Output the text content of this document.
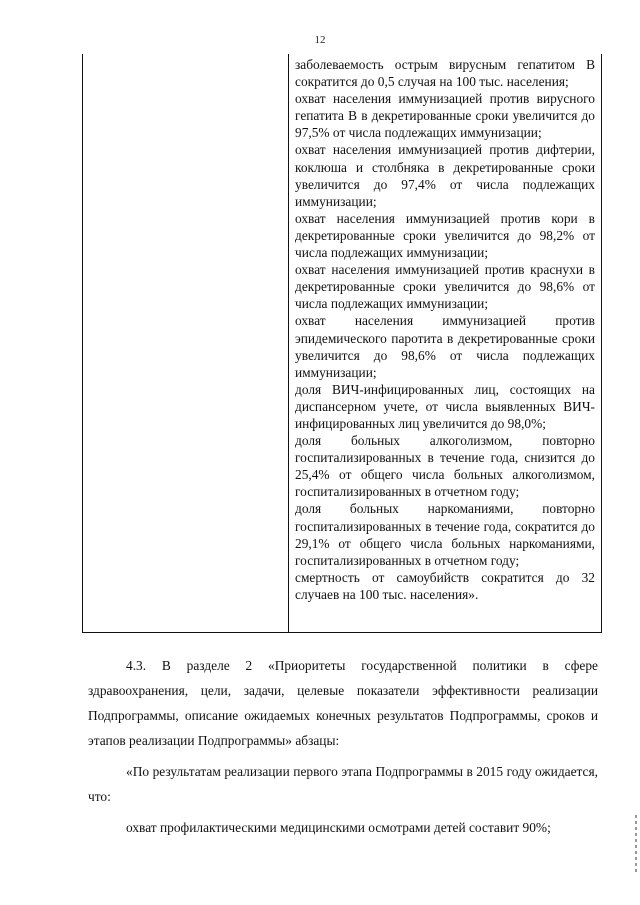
12

заболеваемость острым вирусным гепатитом В сократится до 0,5 случая на 100 тыс. населения;

охват населения иммунизацией против вирусного гепатита В в декретированные сроки увеличится до 97,5% от числа подлежащих иммунизации;

охват населения иммунизацией против дифтерии, коклюша и столбняка в декретированные сроки увеличится до 97,4% от числа подлежащих иммунизации;

охват населения иммунизацией против кори в декретированные сроки увеличится до 98,2% от числа подлежащих иммунизации;

охват населения иммунизацией против краснухи в декретированные сроки увеличится до 98,6% от числа подлежащих иммунизации;

охват населения иммунизацией против эпидемического паротита в декретированные сроки увеличится до 98,6% от числа подлежащих иммунизации;

доля ВИЧ-инфицированных лиц, состоящих на диспансерном учете, от числа выявленных ВИЧ-инфицированных лиц увеличится до 98,0%;

доля больных алкоголизмом, повторно госпитализированных в течение года, снизится до 25,4% от общего числа больных алкоголизмом, госпитализированных в отчетном году;

доля больных наркоманиями, повторно госпитализированных в течение года, сократится до 29,1% от общего числа больных наркоманиями, госпитализированных в отчетном году;

смертность от самоубийств сократится до 32 случаев на 100 тыс. населения».

4.3. В разделе 2 «Приоритеты государственной политики в сфере здравоохранения, цели, задачи, целевые показатели эффективности реализации Подпрограммы, описание ожидаемых конечных результатов Подпрограммы, сроков и этапов реализации Подпрограммы» абзацы:

«По результатам реализации первого этапа Подпрограммы в 2015 году ожидается, что:

охват профилактическими медицинскими осмотрами детей составит 90%;
